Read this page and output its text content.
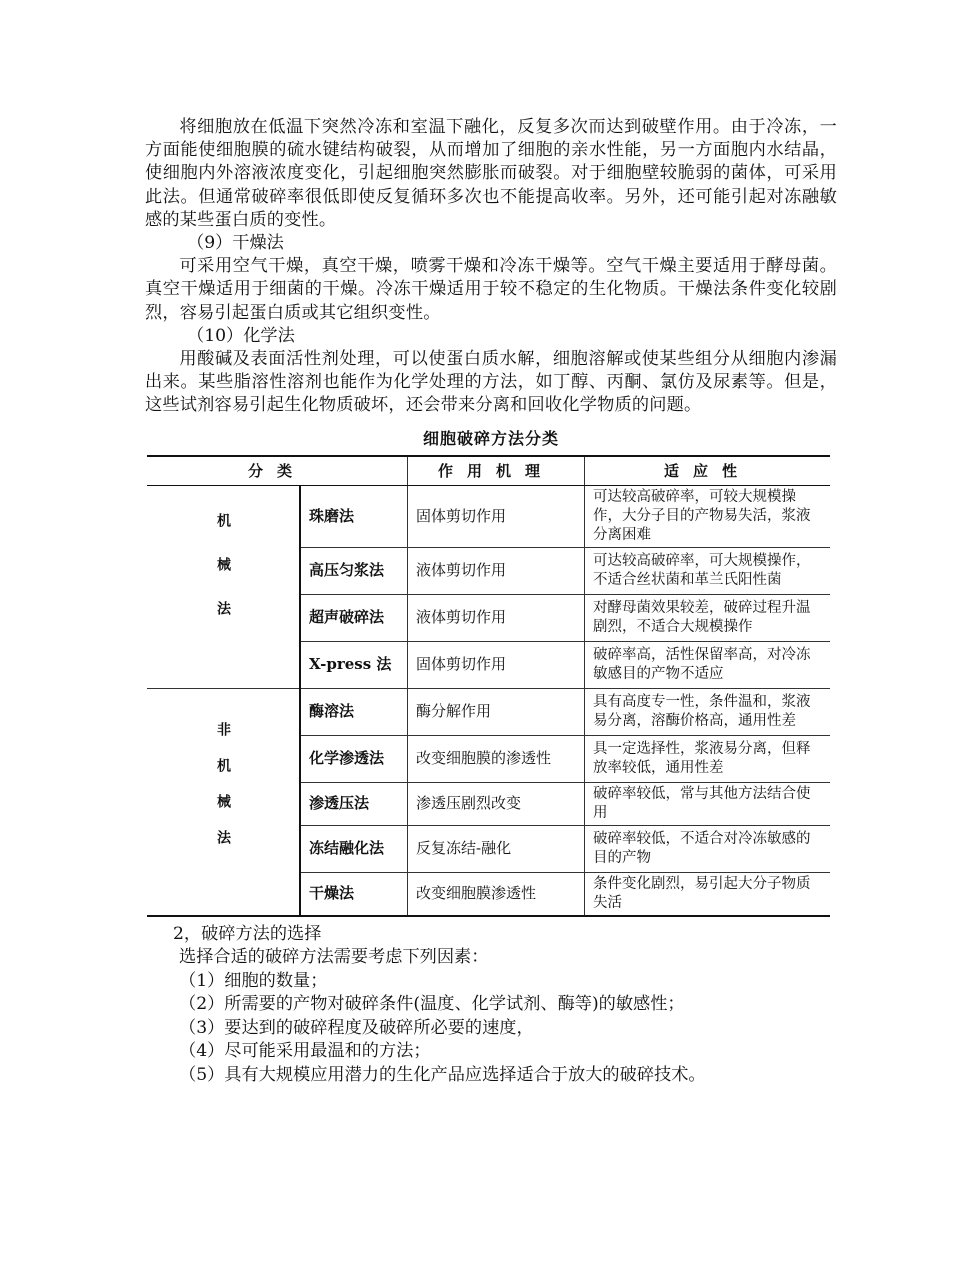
将细胞放在低温下突然冷冻和室温下融化，反复多次而达到破壁作用。由于冷冻，一方面能使细胞膜的硫水键结构破裂，从而增加了细胞的亲水性能，另一方面胞内水结晶，使细胞内外溶液浓度变化，引起细胞突然膨胀而破裂。对于细胞壁较脆弱的菌体，可采用此法。但通常破碎率很低即使反复循环多次也不能提高收率。另外，还可能引起对冻融敏感的某些蛋白质的变性。

（9）干燥法

可采用空气干燥，真空干燥，喷雾干燥和冷冻干燥等。空气干燥主要适用于酵母菌。真空干燥适用于细菌的干燥。冷冻干燥适用于较不稳定的生化物质。干燥法条件变化较剧烈，容易引起蛋白质或其它组织变性。

（10）化学法

用酸碱及表面活性剂处理，可以使蛋白质水解，细胞溶解或使某些组分从细胞内渗漏出来。某些脂溶性溶剂也能作为化学处理的方法，如丁醇、丙酮、氯仿及尿素等。但是，这些试剂容易引起生化物质破坏，还会带来分离和回收化学物质的问题。

细胞破碎方法分类
分类		作用机理	适应性
机械法	珠磨法	固体剪切作用	可达较高破碎率，可较大规模操作，大分子目的产物易失活，浆液分离困难
	高压匀浆法	液体剪切作用	可达较高破碎率，可大规模操作，不适合丝状菌和革兰氏阳性菌
	超声破碎法	液体剪切作用	对酵母菌效果较差，破碎过程升温剧烈，不适合大规模操作
	X-press 法	固体剪切作用	破碎率高，活性保留率高，对冷冻敏感目的产物不适应
非机械法	酶溶法	酶分解作用	具有高度专一性，条件温和，浆液易分离，溶酶价格高，通用性差
	化学渗透法	改变细胞膜的渗透性	具一定选择性，浆液易分离，但释放率较低，通用性差
	渗透压法	渗透压剧烈改变	破碎率较低，常与其他方法结合使用
	冻结融化法	反复冻结-融化	破碎率较低，不适合对冷冻敏感的目的产物
	干燥法	改变细胞膜渗透性	条件变化剧烈，易引起大分子物质失活

2，破碎方法的选择

选择合适的破碎方法需要考虑下列因素：

（1）细胞的数量；

（2）所需要的产物对破碎条件(温度、化学试剂、酶等)的敏感性；

（3）要达到的破碎程度及破碎所必要的速度，

（4）尽可能采用最温和的方法；

（5）具有大规模应用潜力的生化产品应选择适合于放大的破碎技术。
